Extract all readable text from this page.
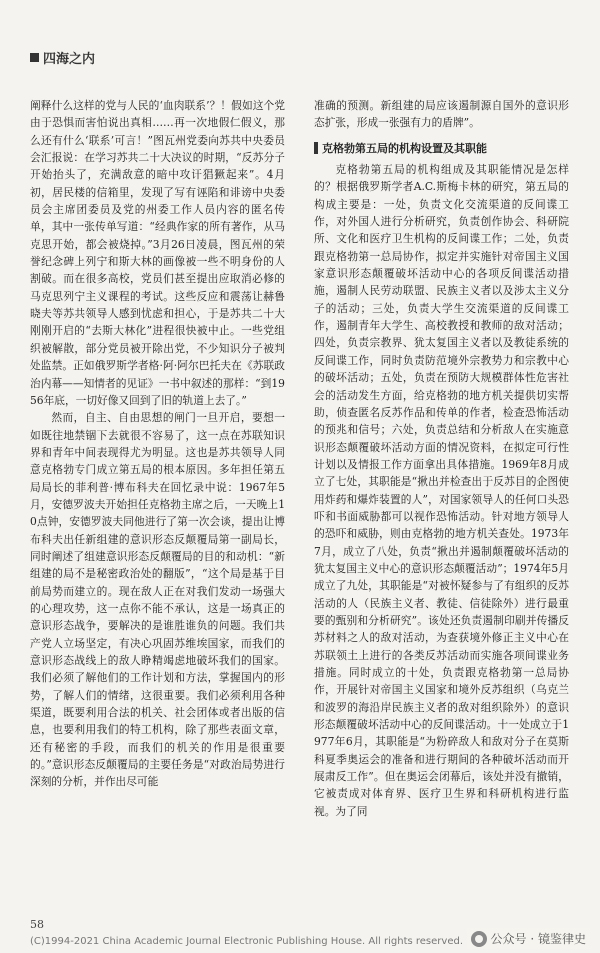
四海之内

阐释什么这样的党与人民的‘血肉联系’？！假如这个党由于恐惧而害怕说出真相……再一次地假仁假义，那么还有什么‘联系’可言！”图瓦州党委向苏共中央委员会汇报说：在学习苏共二十大决议的时期，“反苏分子开始抬头了，充满敌意的暗中攻讦猖獗起来”。4月初，居民楼的信箱里，发现了写有诬陷和诽谤中央委员会主席团委员及党的州委工作人员内容的匿名传单，其中一张传单写道：“经典作家的所有著作，从马克思开始，都会被烧掉。”3月26日凌晨，图瓦州的荣誉纪念碑上列宁和斯大林的画像被一些不明身份的人割破。而在很多高校，党员们甚至提出应取消必修的马克思列宁主义课程的考试。这些反应和震荡让赫鲁晓夫等苏共领导人感到忧虑和担心，于是苏共二十大刚刚开启的“去斯大林化”进程很快被中止。一些党组织被解散，部分党员被开除出党，不少知识分子被判处监禁。正如俄罗斯学者格·阿·阿尔巴托夫在《苏联政治内幕——知情者的见证》一书中叙述的那样：“到1956年底，一切好像又回到了旧的轨道上去了。”

然而，自主、自由思想的闸门一旦开启，要想一如既往地禁锢下去就很不容易了，这一点在苏联知识界和青年中间表现得尤为明显。这也是苏共领导人同意克格勃专门成立第五局的根本原因。多年担任第五局局长的菲利普·博布科夫在回忆录中说：1967年5月，安德罗波夫开始担任克格勃主席之后，一天晚上10点钟，安德罗波夫同他进行了第一次会谈，提出让博布科夫出任新组建的意识形态反颠覆局第一副局长，同时阐述了组建意识形态反颠覆局的目的和动机：“新组建的局不是秘密政治处的翻版”，“这个局是基于目前局势而建立的。现在敌人正在对我们发动一场强大的心理攻势，这一点你不能不承认，这是一场真正的意识形态战争，要解决的是谁胜谁负的问题。我们共产党人立场坚定，有决心巩固苏维埃国家，而我们的意识形态战线上的敌人睁精竭虑地破坏我们的国家。我们必须了解他们的工作计划和方法，掌握国内的形势，了解人们的情绪，这很重要。我们必须利用各种渠道，既要利用合法的机关、社会团体或者出版的信息，也要利用我们的特工机构，除了那些表面文章，还有秘密的手段，而我们的机关的作用是很重要的。”意识形态反颠覆局的主要任务是“对政治局势进行深刻的分析，并作出尽可能

准确的预测。新组建的局应该遏制源自国外的意识形态扩张，形成一张强有力的盾牌”。

克格勃第五局的机构设置及其职能

克格勃第五局的机构组成及其职能情况是怎样的？根据俄罗斯学者A.C.斯梅卡林的研究，第五局的构成主要是：一处，负责文化交流渠道的反间谍工作，对外国人进行分析研究，负责创作协会、科研院所、文化和医疗卫生机构的反间谍工作；二处，负责跟克格勃第一总局协作，拟定并实施针对帝国主义国家意识形态颠覆破坏活动中心的各项反间谍活动措施，遏制人民劳动联盟、民族主义者以及涉太主义分子的活动；三处，负责大学生交流渠道的反间谍工作，遏制青年大学生、高校教授和教师的敌对活动；四处，负责宗教界、犹太复国主义者以及教徒系统的反间谍工作，同时负责防范境外宗教势力和宗教中心的破坏活动；五处，负责在预防大规模群体性危害社会的活动发生方面，给克格勃的地方机关提供切实帮助，侦查匿名反苏作品和传单的作者，检查恐怖活动的预兆和信号；六处，负责总结和分析敌人在实施意识形态颠覆破坏活动方面的情况资料，在拟定可行性计划以及情报工作方面拿出具体措施。1969年8月成立了七处，其职能是“揪出并检查出于反苏目的企图使用炸药和爆炸装置的人”，对国家领导人的任何口头恐吓和书面威胁都可以视作恐怖活动。针对地方领导人的恐吓和威胁，则由克格勃的地方机关查处。1973年7月，成立了八处，负责“揪出并遏制颠覆破坏活动的犹太复国主义中心的意识形态颠覆活动”；1974年5月成立了九处，其职能是“对被怀疑参与了有组织的反苏活动的人（民族主义者、教徒、信徒除外）进行最重要的甄别和分析研究”。该处还负责遏制印刷并传播反苏材料之人的敌对活动，为查获境外修正主义中心在苏联领土上进行的各类反苏活动而实施各项间谍业务措施。同时成立的十处，负责跟克格勃第一总局协作，开展针对帝国主义国家和境外反苏组织（乌克兰和波罗的海沿岸民族主义者的敌对组织除外）的意识形态颠覆破坏活动中心的反间谍活动。十一处成立于1977年6月，其职能是“为粉碎敌人和敌对分子在莫斯科夏季奥运会的准备和进行期间的各种破坏活动而开展肃反工作”。但在奥运会闭幕后，该处并没有撤销，它被责成对体育界、医疗卫生界和科研机构进行监视。为了同

58
(C)1994-2021 China Academic Journal Electronic Publishing House. All rights reserved. 公众号 · 镜鉴律史
